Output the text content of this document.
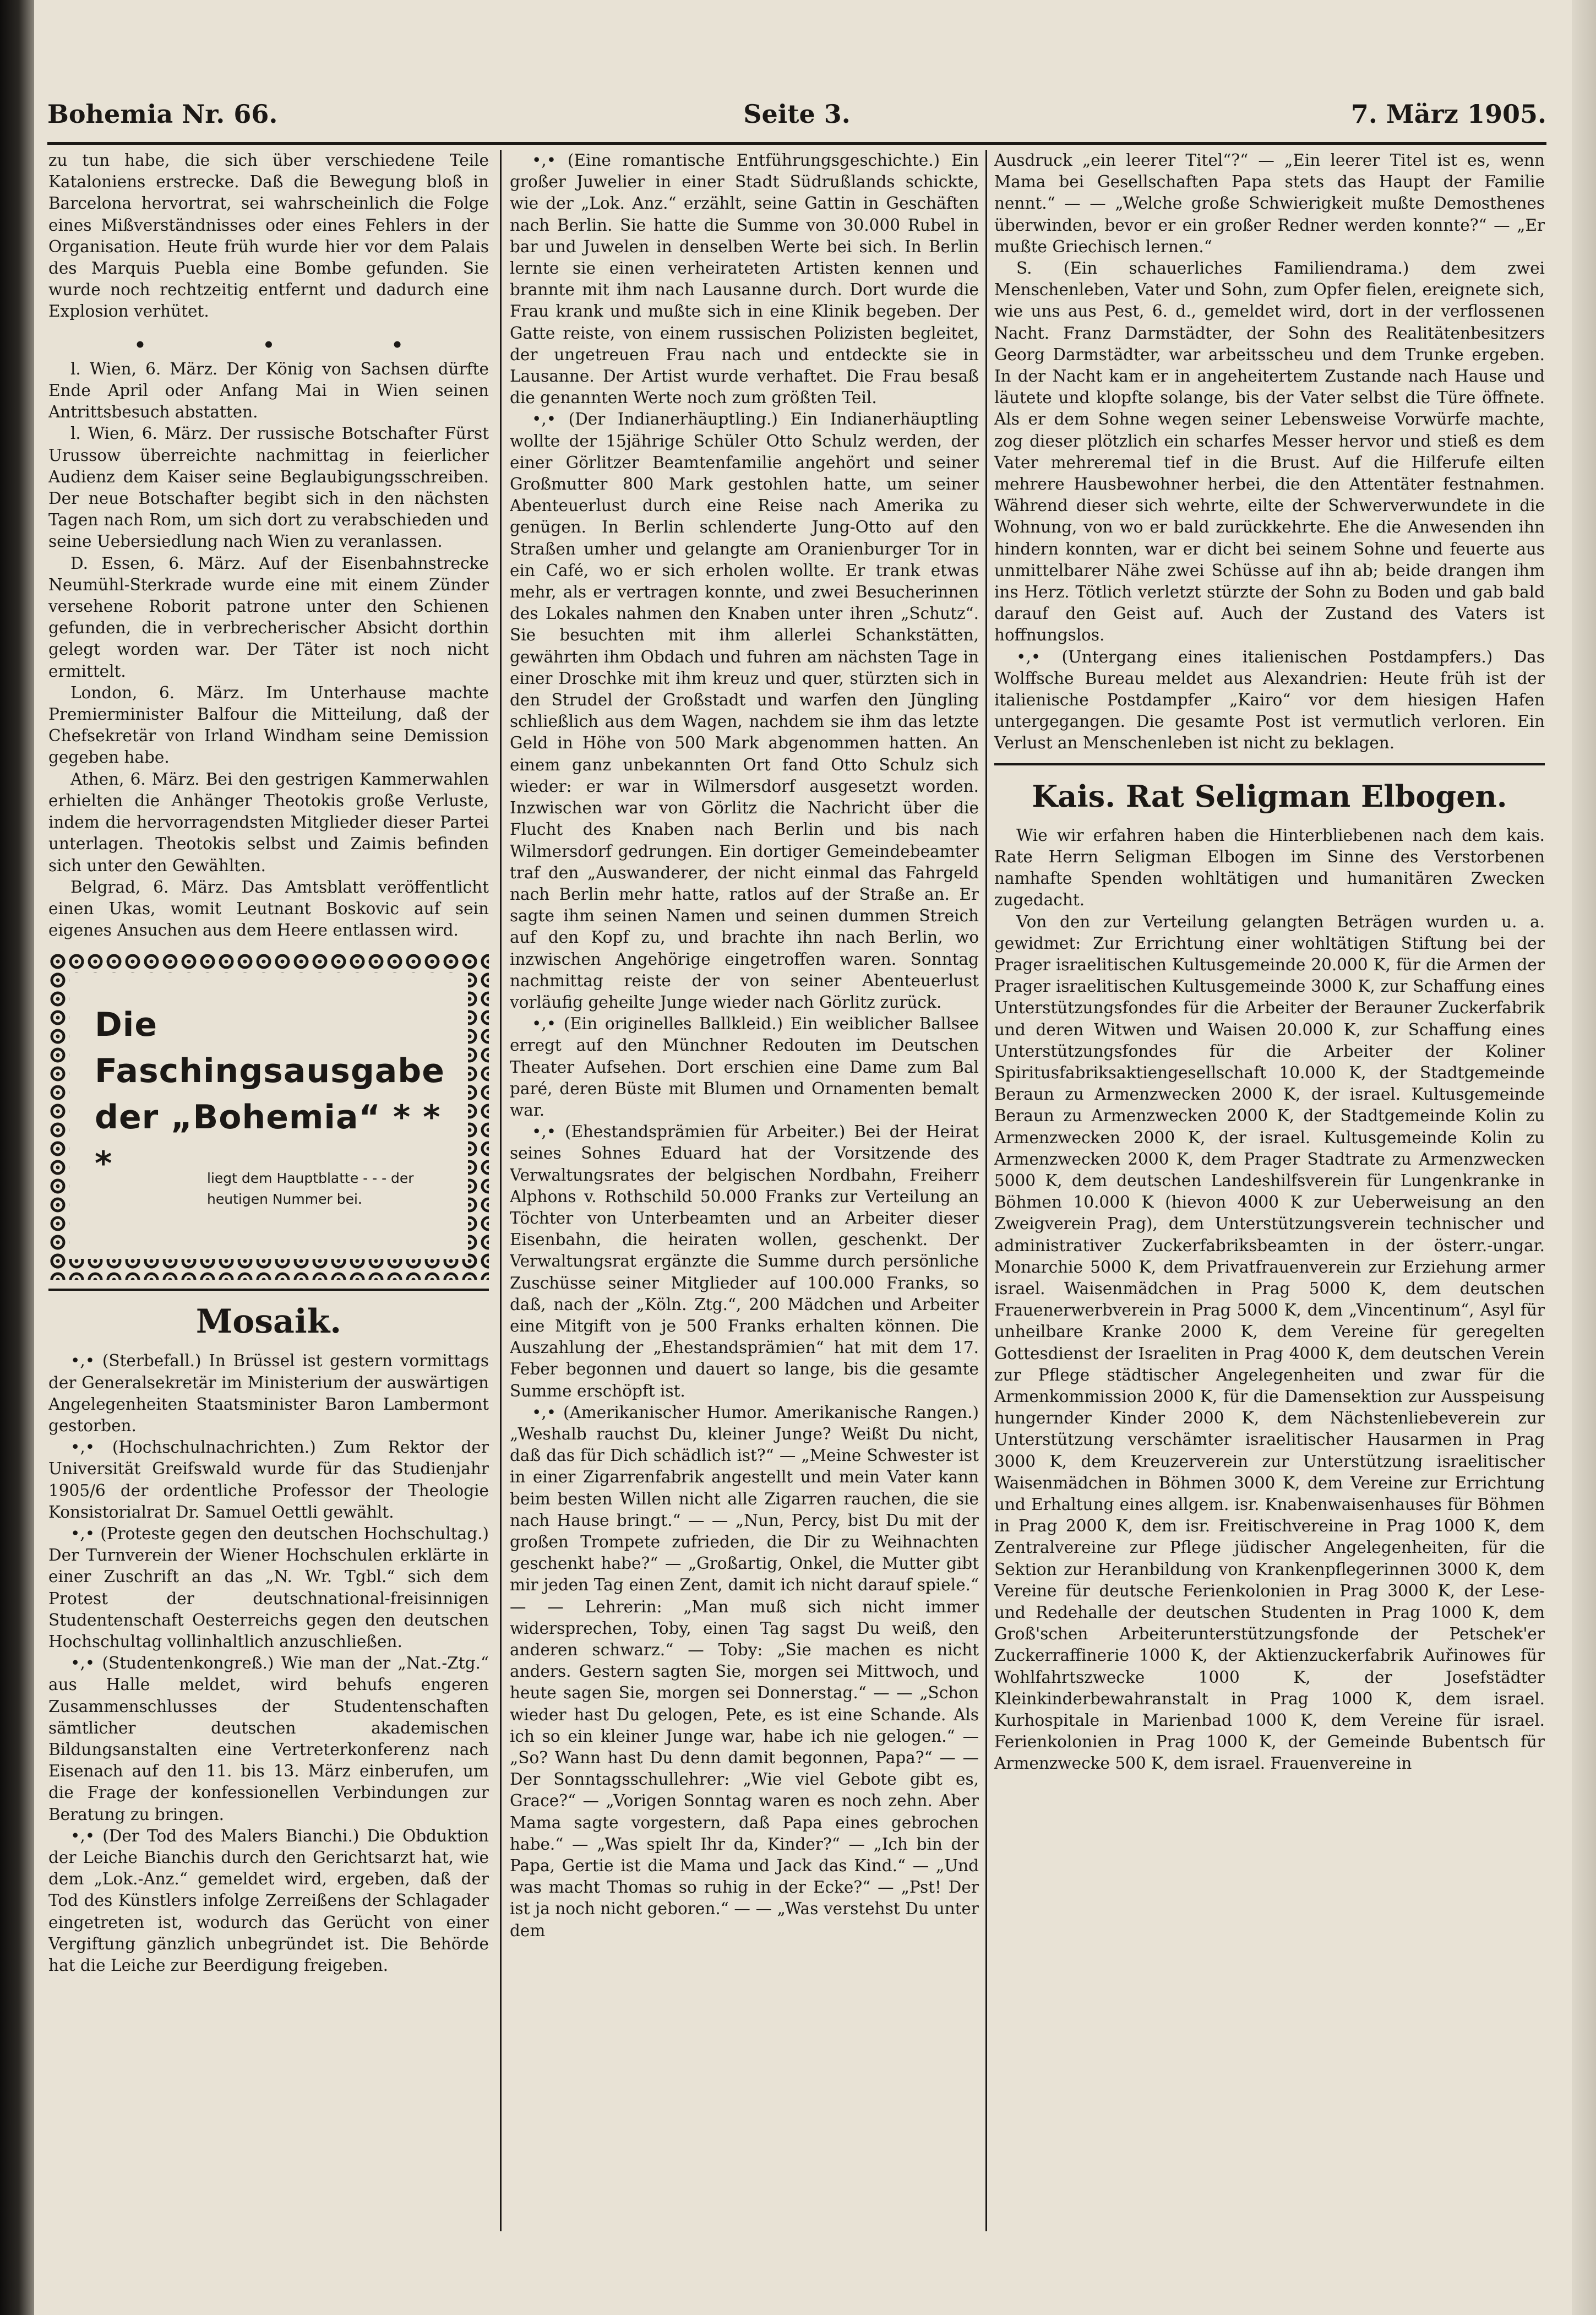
Bohemia Nr. 66.	Seite 3.	7. März 1905.

zu tun habe, die sich über verschiedene Teile Kataloniens erstrecke. Daß die Bewegung bloß in Barcelona hervortrat, sei wahrscheinlich die Folge eines Mißverständnisses oder eines Fehlers in der Organisation. Heute früh wurde hier vor dem Palais des Marquis Puebla eine Bombe gefunden. Sie wurde noch rechtzeitig entfernt und dadurch eine Explosion verhütet.

• • •

l. Wien, 6. März. Der König von Sachsen dürfte Ende April oder Anfang Mai in Wien seinen Antrittsbesuch abstatten.

l. Wien, 6. März. Der russische Botschafter Fürst Urussow überreichte nachmittag in feierlicher Audienz dem Kaiser seine Beglaubigungsschreiben. Der neue Botschafter begibt sich in den nächsten Tagen nach Rom, um sich dort zu verabschieden und seine Uebersiedlung nach Wien zu veranlassen.

D. Essen, 6. März. Auf der Eisenbahnstrecke Neumühl-Sterkrade wurde eine mit einem Zünder versehene Roborit patrone unter den Schienen gefunden, die in verbrecherischer Absicht dorthin gelegt worden war. Der Täter ist noch nicht ermittelt.

London, 6. März. Im Unterhause machte Premierminister Balfour die Mitteilung, daß der Chefsekretär von Irland Windham seine Demission gegeben habe.

Athen, 6. März. Bei den gestrigen Kammerwahlen erhielten die Anhänger Theotokis große Verluste, indem die hervorragendsten Mitglieder dieser Partei unterlagen. Theotokis selbst und Zaimis befinden sich unter den Gewählten.

Belgrad, 6. März. Das Amtsblatt veröffentlicht einen Ukas, womit Leutnant Boskovic auf sein eigenes Ansuchen aus dem Heere entlassen wird.

Die Faschingsausgabe der „Bohemia“ * * *	liegt dem Hauptblatte - - - der heutigen Nummer bei.
Mosaik.

•,• (Sterbefall.) In Brüssel ist gestern vormittags der Generalsekretär im Ministerium der auswärtigen Angelegenheiten Staatsminister Baron Lambermont gestorben.

•,• (Hochschulnachrichten.) Zum Rektor der Universität Greifswald wurde für das Studienjahr 1905/6 der ordentliche Professor der Theologie Konsistorialrat Dr. Samuel Oettli gewählt.

•,• (Proteste gegen den deutschen Hochschultag.) Der Turnverein der Wiener Hochschulen erklärte in einer Zuschrift an das „N. Wr. Tgbl.“ sich dem Protest der deutschnational-freisinnigen Studentenschaft Oesterreichs gegen den deutschen Hochschultag vollinhaltlich anzuschließen.

•,• (Studentenkongreß.) Wie man der „Nat.-Ztg.“ aus Halle meldet, wird behufs engeren Zusammenschlusses der Studentenschaften sämtlicher deutschen akademischen Bildungsanstalten eine Vertreterkonferenz nach Eisenach auf den 11. bis 13. März einberufen, um die Frage der konfessionellen Verbindungen zur Beratung zu bringen.

•,• (Der Tod des Malers Bianchi.) Die Obduktion der Leiche Bianchis durch den Gerichtsarzt hat, wie dem „Lok.-Anz.“ gemeldet wird, ergeben, daß der Tod des Künstlers infolge Zerreißens der Schlagader eingetreten ist, wodurch das Gerücht von einer Vergiftung gänzlich unbegründet ist. Die Behörde hat die Leiche zur Beerdigung freigeben.

•,• (Eine romantische Entführungsgeschichte.) Ein großer Juwelier in einer Stadt Südrußlands schickte, wie der „Lok. Anz.“ erzählt, seine Gattin in Geschäften nach Berlin. Sie hatte die Summe von 30.000 Rubel in bar und Juwelen in denselben Werte bei sich. In Berlin lernte sie einen verheirateten Artisten kennen und brannte mit ihm nach Lausanne durch. Dort wurde die Frau krank und mußte sich in eine Klinik begeben. Der Gatte reiste, von einem russischen Polizisten begleitet, der ungetreuen Frau nach und entdeckte sie in Lausanne. Der Artist wurde verhaftet. Die Frau besaß die genannten Werte noch zum größten Teil.

•,• (Der Indianerhäuptling.) Ein Indianerhäuptling wollte der 15jährige Schüler Otto Schulz werden, der einer Görlitzer Beamtenfamilie angehört und seiner Großmutter 800 Mark gestohlen hatte, um seiner Abenteuerlust durch eine Reise nach Amerika zu genügen. In Berlin schlenderte Jung-Otto auf den Straßen umher und gelangte am Oranienburger Tor in ein Café, wo er sich erholen wollte. Er trank etwas mehr, als er vertragen konnte, und zwei Besucherinnen des Lokales nahmen den Knaben unter ihren „Schutz“. Sie besuchten mit ihm allerlei Schankstätten, gewährten ihm Obdach und fuhren am nächsten Tage in einer Droschke mit ihm kreuz und quer, stürzten sich in den Strudel der Großstadt und warfen den Jüngling schließlich aus dem Wagen, nachdem sie ihm das letzte Geld in Höhe von 500 Mark abgenommen hatten. An einem ganz unbekannten Ort fand Otto Schulz sich wieder: er war in Wilmersdorf ausgesetzt worden. Inzwischen war von Görlitz die Nachricht über die Flucht des Knaben nach Berlin und bis nach Wilmersdorf gedrungen. Ein dortiger Gemeindebeamter traf den „Auswanderer, der nicht einmal das Fahrgeld nach Berlin mehr hatte, ratlos auf der Straße an. Er sagte ihm seinen Namen und seinen dummen Streich auf den Kopf zu, und brachte ihn nach Berlin, wo inzwischen Angehörige eingetroffen waren. Sonntag nachmittag reiste der von seiner Abenteuerlust vorläufig geheilte Junge wieder nach Görlitz zurück.

•,• (Ein originelles Ballkleid.) Ein weiblicher Ballsee erregt auf den Münchner Redouten im Deutschen Theater Aufsehen. Dort erschien eine Dame zum Bal paré, deren Büste mit Blumen und Ornamenten bemalt war.

•,• (Ehestandsprämien für Arbeiter.) Bei der Heirat seines Sohnes Eduard hat der Vorsitzende des Verwaltungsrates der belgischen Nordbahn, Freiherr Alphons v. Rothschild 50.000 Franks zur Verteilung an Töchter von Unterbeamten und an Arbeiter dieser Eisenbahn, die heiraten wollen, geschenkt. Der Verwaltungsrat ergänzte die Summe durch persönliche Zuschüsse seiner Mitglieder auf 100.000 Franks, so daß, nach der „Köln. Ztg.“, 200 Mädchen und Arbeiter eine Mitgift von je 500 Franks erhalten können. Die Auszahlung der „Ehestandsprämien“ hat mit dem 17. Feber begonnen und dauert so lange, bis die gesamte Summe erschöpft ist.

•,• (Amerikanischer Humor. Amerikanische Rangen.) „Weshalb rauchst Du, kleiner Junge? Weißt Du nicht, daß das für Dich schädlich ist?“ — „Meine Schwester ist in einer Zigarrenfabrik angestellt und mein Vater kann beim besten Willen nicht alle Zigarren rauchen, die sie nach Hause bringt.“ — — „Nun, Percy, bist Du mit der großen Trompete zufrieden, die Dir zu Weihnachten geschenkt habe?“ — „Großartig, Onkel, die Mutter gibt mir jeden Tag einen Zent, damit ich nicht darauf spiele.“ — — Lehrerin: „Man muß sich nicht immer widersprechen, Toby, einen Tag sagst Du weiß, den anderen schwarz.“ — Toby: „Sie machen es nicht anders. Gestern sagten Sie, morgen sei Mittwoch, und heute sagen Sie, morgen sei Donnerstag.“ — — „Schon wieder hast Du gelogen, Pete, es ist eine Schande. Als ich so ein kleiner Junge war, habe ich nie gelogen.“ — „So? Wann hast Du denn damit begonnen, Papa?“ — — Der Sonntagsschullehrer: „Wie viel Gebote gibt es, Grace?“ — „Vorigen Sonntag waren es noch zehn. Aber Mama sagte vorgestern, daß Papa eines gebrochen habe.“ — „Was spielt Ihr da, Kinder?“ — „Ich bin der Papa, Gertie ist die Mama und Jack das Kind.“ — „Und was macht Thomas so ruhig in der Ecke?“ — „Pst! Der ist ja noch nicht geboren.“ — — „Was verstehst Du unter dem

Ausdruck „ein leerer Titel“?“ — „Ein leerer Titel ist es, wenn Mama bei Gesellschaften Papa stets das Haupt der Familie nennt.“ — — „Welche große Schwierigkeit mußte Demosthenes überwinden, bevor er ein großer Redner werden konnte?“ — „Er mußte Griechisch lernen.“

S. (Ein schauerliches Familiendrama.) dem zwei Menschenleben, Vater und Sohn, zum Opfer fielen, ereignete sich, wie uns aus Pest, 6. d., gemeldet wird, dort in der verflossenen Nacht. Franz Darmstädter, der Sohn des Realitätenbesitzers Georg Darmstädter, war arbeitsscheu und dem Trunke ergeben. In der Nacht kam er in angeheitertem Zustande nach Hause und läutete und klopfte solange, bis der Vater selbst die Türe öffnete. Als er dem Sohne wegen seiner Lebensweise Vorwürfe machte, zog dieser plötzlich ein scharfes Messer hervor und stieß es dem Vater mehreremal tief in die Brust. Auf die Hilferufe eilten mehrere Hausbewohner herbei, die den Attentäter festnahmen. Während dieser sich wehrte, eilte der Schwerverwundete in die Wohnung, von wo er bald zurückkehrte. Ehe die Anwesenden ihn hindern konnten, war er dicht bei seinem Sohne und feuerte aus unmittelbarer Nähe zwei Schüsse auf ihn ab; beide drangen ihm ins Herz. Tötlich verletzt stürzte der Sohn zu Boden und gab bald darauf den Geist auf. Auch der Zustand des Vaters ist hoffnungslos.

•,• (Untergang eines italienischen Postdampfers.) Das Wolffsche Bureau meldet aus Alexandrien: Heute früh ist der italienische Postdampfer „Kairo“ vor dem hiesigen Hafen untergegangen. Die gesamte Post ist vermutlich verloren. Ein Verlust an Menschenleben ist nicht zu beklagen.

Kais. Rat Seligman Elbogen.

Wie wir erfahren haben die Hinterbliebenen nach dem kais. Rate Herrn Seligman Elbogen im Sinne des Verstorbenen namhafte Spenden wohltätigen und humanitären Zwecken zugedacht.

Von den zur Verteilung gelangten Beträgen wurden u. a. gewidmet: Zur Errichtung einer wohltätigen Stiftung bei der Prager israelitischen Kultusgemeinde 20.000 K, für die Armen der Prager israelitischen Kultusgemeinde 3000 K, zur Schaffung eines Unterstützungsfondes für die Arbeiter der Berauner Zuckerfabrik und deren Witwen und Waisen 20.000 K, zur Schaffung eines Unterstützungsfondes für die Arbeiter der Koliner Spiritusfabriksaktiengesellschaft 10.000 K, der Stadtgemeinde Beraun zu Armenzwecken 2000 K, der israel. Kultusgemeinde Beraun zu Armenzwecken 2000 K, der Stadtgemeinde Kolin zu Armenzwecken 2000 K, der israel. Kultusgemeinde Kolin zu Armenzwecken 2000 K, dem Prager Stadtrate zu Armenzwecken 5000 K, dem deutschen Landeshilfsverein für Lungenkranke in Böhmen 10.000 K (hievon 4000 K zur Ueberweisung an den Zweigverein Prag), dem Unterstützungsverein technischer und administrativer Zuckerfabriksbeamten in der österr.-ungar. Monarchie 5000 K, dem Privatfrauenverein zur Erziehung armer israel. Waisenmädchen in Prag 5000 K, dem deutschen Frauenerwerbverein in Prag 5000 K, dem „Vincentinum“, Asyl für unheilbare Kranke 2000 K, dem Vereine für geregelten Gottesdienst der Israeliten in Prag 4000 K, dem deutschen Verein zur Pflege städtischer Angelegenheiten und zwar für die Armenkommission 2000 K, für die Damensektion zur Ausspeisung hungernder Kinder 2000 K, dem Nächstenliebeverein zur Unterstützung verschämter israelitischer Hausarmen in Prag 3000 K, dem Kreuzerverein zur Unterstützung israelitischer Waisenmädchen in Böhmen 3000 K, dem Vereine zur Errichtung und Erhaltung eines allgem. isr. Knabenwaisenhauses für Böhmen in Prag 2000 K, dem isr. Freitischvereine in Prag 1000 K, dem Zentralvereine zur Pflege jüdischer Angelegenheiten, für die Sektion zur Heranbildung von Krankenpflegerinnen 3000 K, dem Vereine für deutsche Ferienkolonien in Prag 3000 K, der Lese- und Redehalle der deutschen Studenten in Prag 1000 K, dem Groß'schen Arbeiterunterstützungsfonde der Petschek'er Zuckerraffinerie 1000 K, der Aktienzuckerfabrik Auřinowes für Wohlfahrtszwecke 1000 K, der Josefstädter Kleinkinderbewahranstalt in Prag 1000 K, dem israel. Kurhospitale in Marienbad 1000 K, dem Vereine für israel. Ferienkolonien in Prag 1000 K, der Gemeinde Bubentsch für Armenzwecke 500 K, dem israel. Frauenvereine in
